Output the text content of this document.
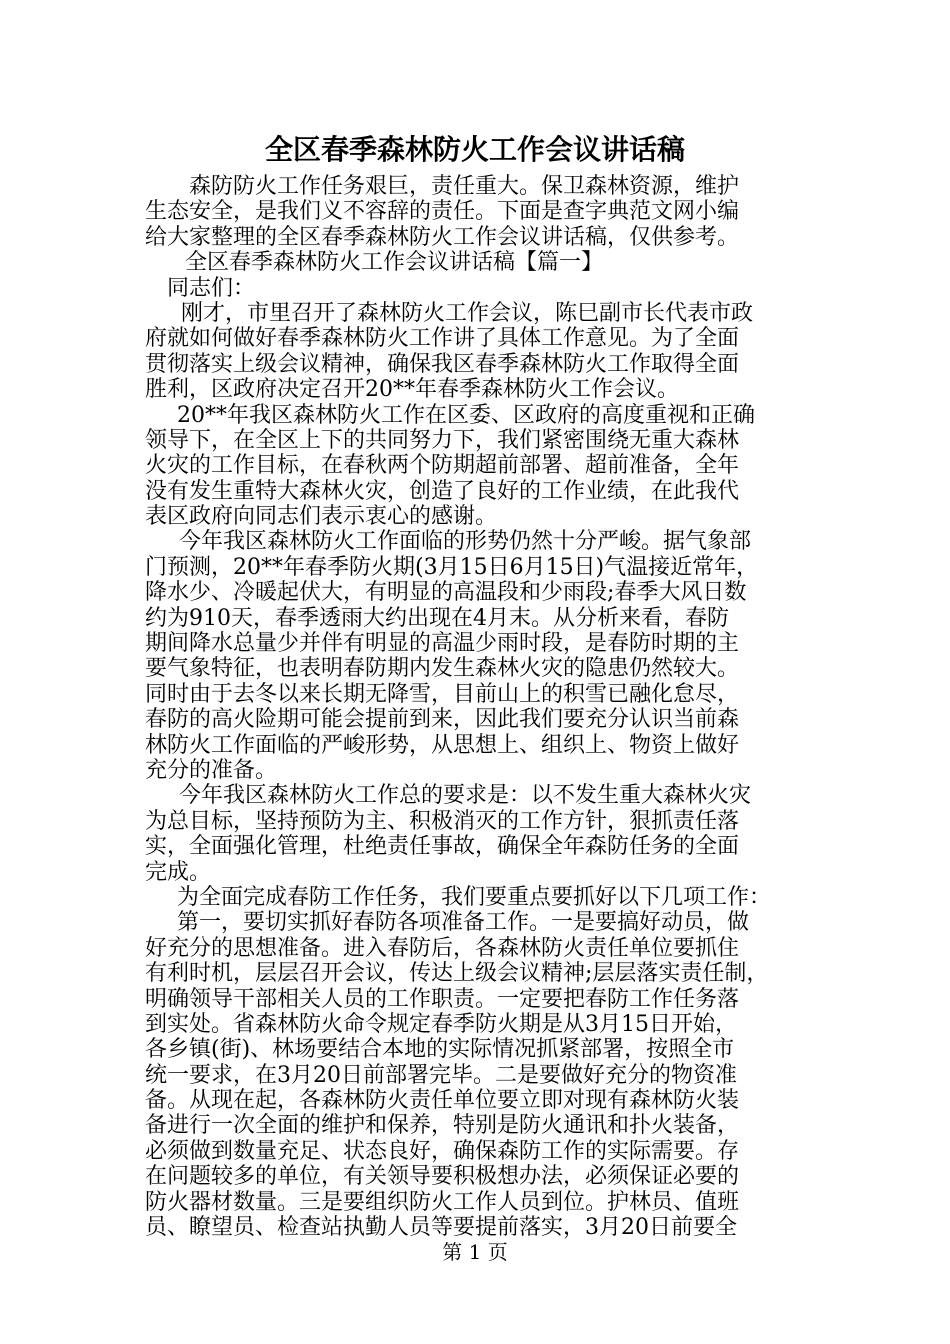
全区春季森林防火工作会议讲话稿
森防防火工作任务艰巨，责任重大。保卫森林资源，维护
生态安全，是我们义不容辞的责任。下面是查字典范文网小编
给大家整理的全区春季森林防火工作会议讲话稿，仅供参考。
全区春季森林防火工作会议讲话稿【篇一】
同志们：
刚才，市里召开了森林防火工作会议，陈巳副市长代表市政
府就如何做好春季森林防火工作讲了具体工作意见。为了全面
贯彻落实上级会议精神，确保我区春季森林防火工作取得全面
胜利，区政府决定召开20**年春季森林防火工作会议。
20**年我区森林防火工作在区委、区政府的高度重视和正确
领导下，在全区上下的共同努力下，我们紧密围绕无重大森林
火灾的工作目标，在春秋两个防期超前部署、超前准备，全年
没有发生重特大森林火灾，创造了良好的工作业绩，在此我代
表区政府向同志们表示衷心的感谢。
今年我区森林防火工作面临的形势仍然十分严峻。据气象部
门预测，20**年春季防火期(3月15日6月15日)气温接近常年，
降水少、冷暖起伏大，有明显的高温段和少雨段;春季大风日数
约为910天，春季透雨大约出现在4月末。从分析来看，春防
期间降水总量少并伴有明显的高温少雨时段，是春防时期的主
要气象特征，也表明春防期内发生森林火灾的隐患仍然较大。
同时由于去冬以来长期无降雪，目前山上的积雪已融化怠尽，
春防的高火险期可能会提前到来，因此我们要充分认识当前森
林防火工作面临的严峻形势，从思想上、组织上、物资上做好
充分的准备。
今年我区森林防火工作总的要求是：以不发生重大森林火灾
为总目标，坚持预防为主、积极消灭的工作方针，狠抓责任落
实，全面强化管理，杜绝责任事故，确保全年森防任务的全面
完成。
为全面完成春防工作任务，我们要重点要抓好以下几项工作：
第一，要切实抓好春防各项准备工作。一是要搞好动员，做
好充分的思想准备。进入春防后，各森林防火责任单位要抓住
有利时机，层层召开会议，传达上级会议精神;层层落实责任制，
明确领导干部相关人员的工作职责。一定要把春防工作任务落
到实处。省森林防火命令规定春季防火期是从3月15日开始，
各乡镇(街)、林场要结合本地的实际情况抓紧部署，按照全市
统一要求，在3月20日前部署完毕。二是要做好充分的物资准
备。从现在起，各森林防火责任单位要立即对现有森林防火装
备进行一次全面的维护和保养，特别是防火通讯和扑火装备，
必须做到数量充足、状态良好，确保森防工作的实际需要。存
在问题较多的单位，有关领导要积极想办法，必须保证必要的
防火器材数量。三是要组织防火工作人员到位。护林员、值班
员、瞭望员、检查站执勤人员等要提前落实，3月20日前要全
第 1 页
